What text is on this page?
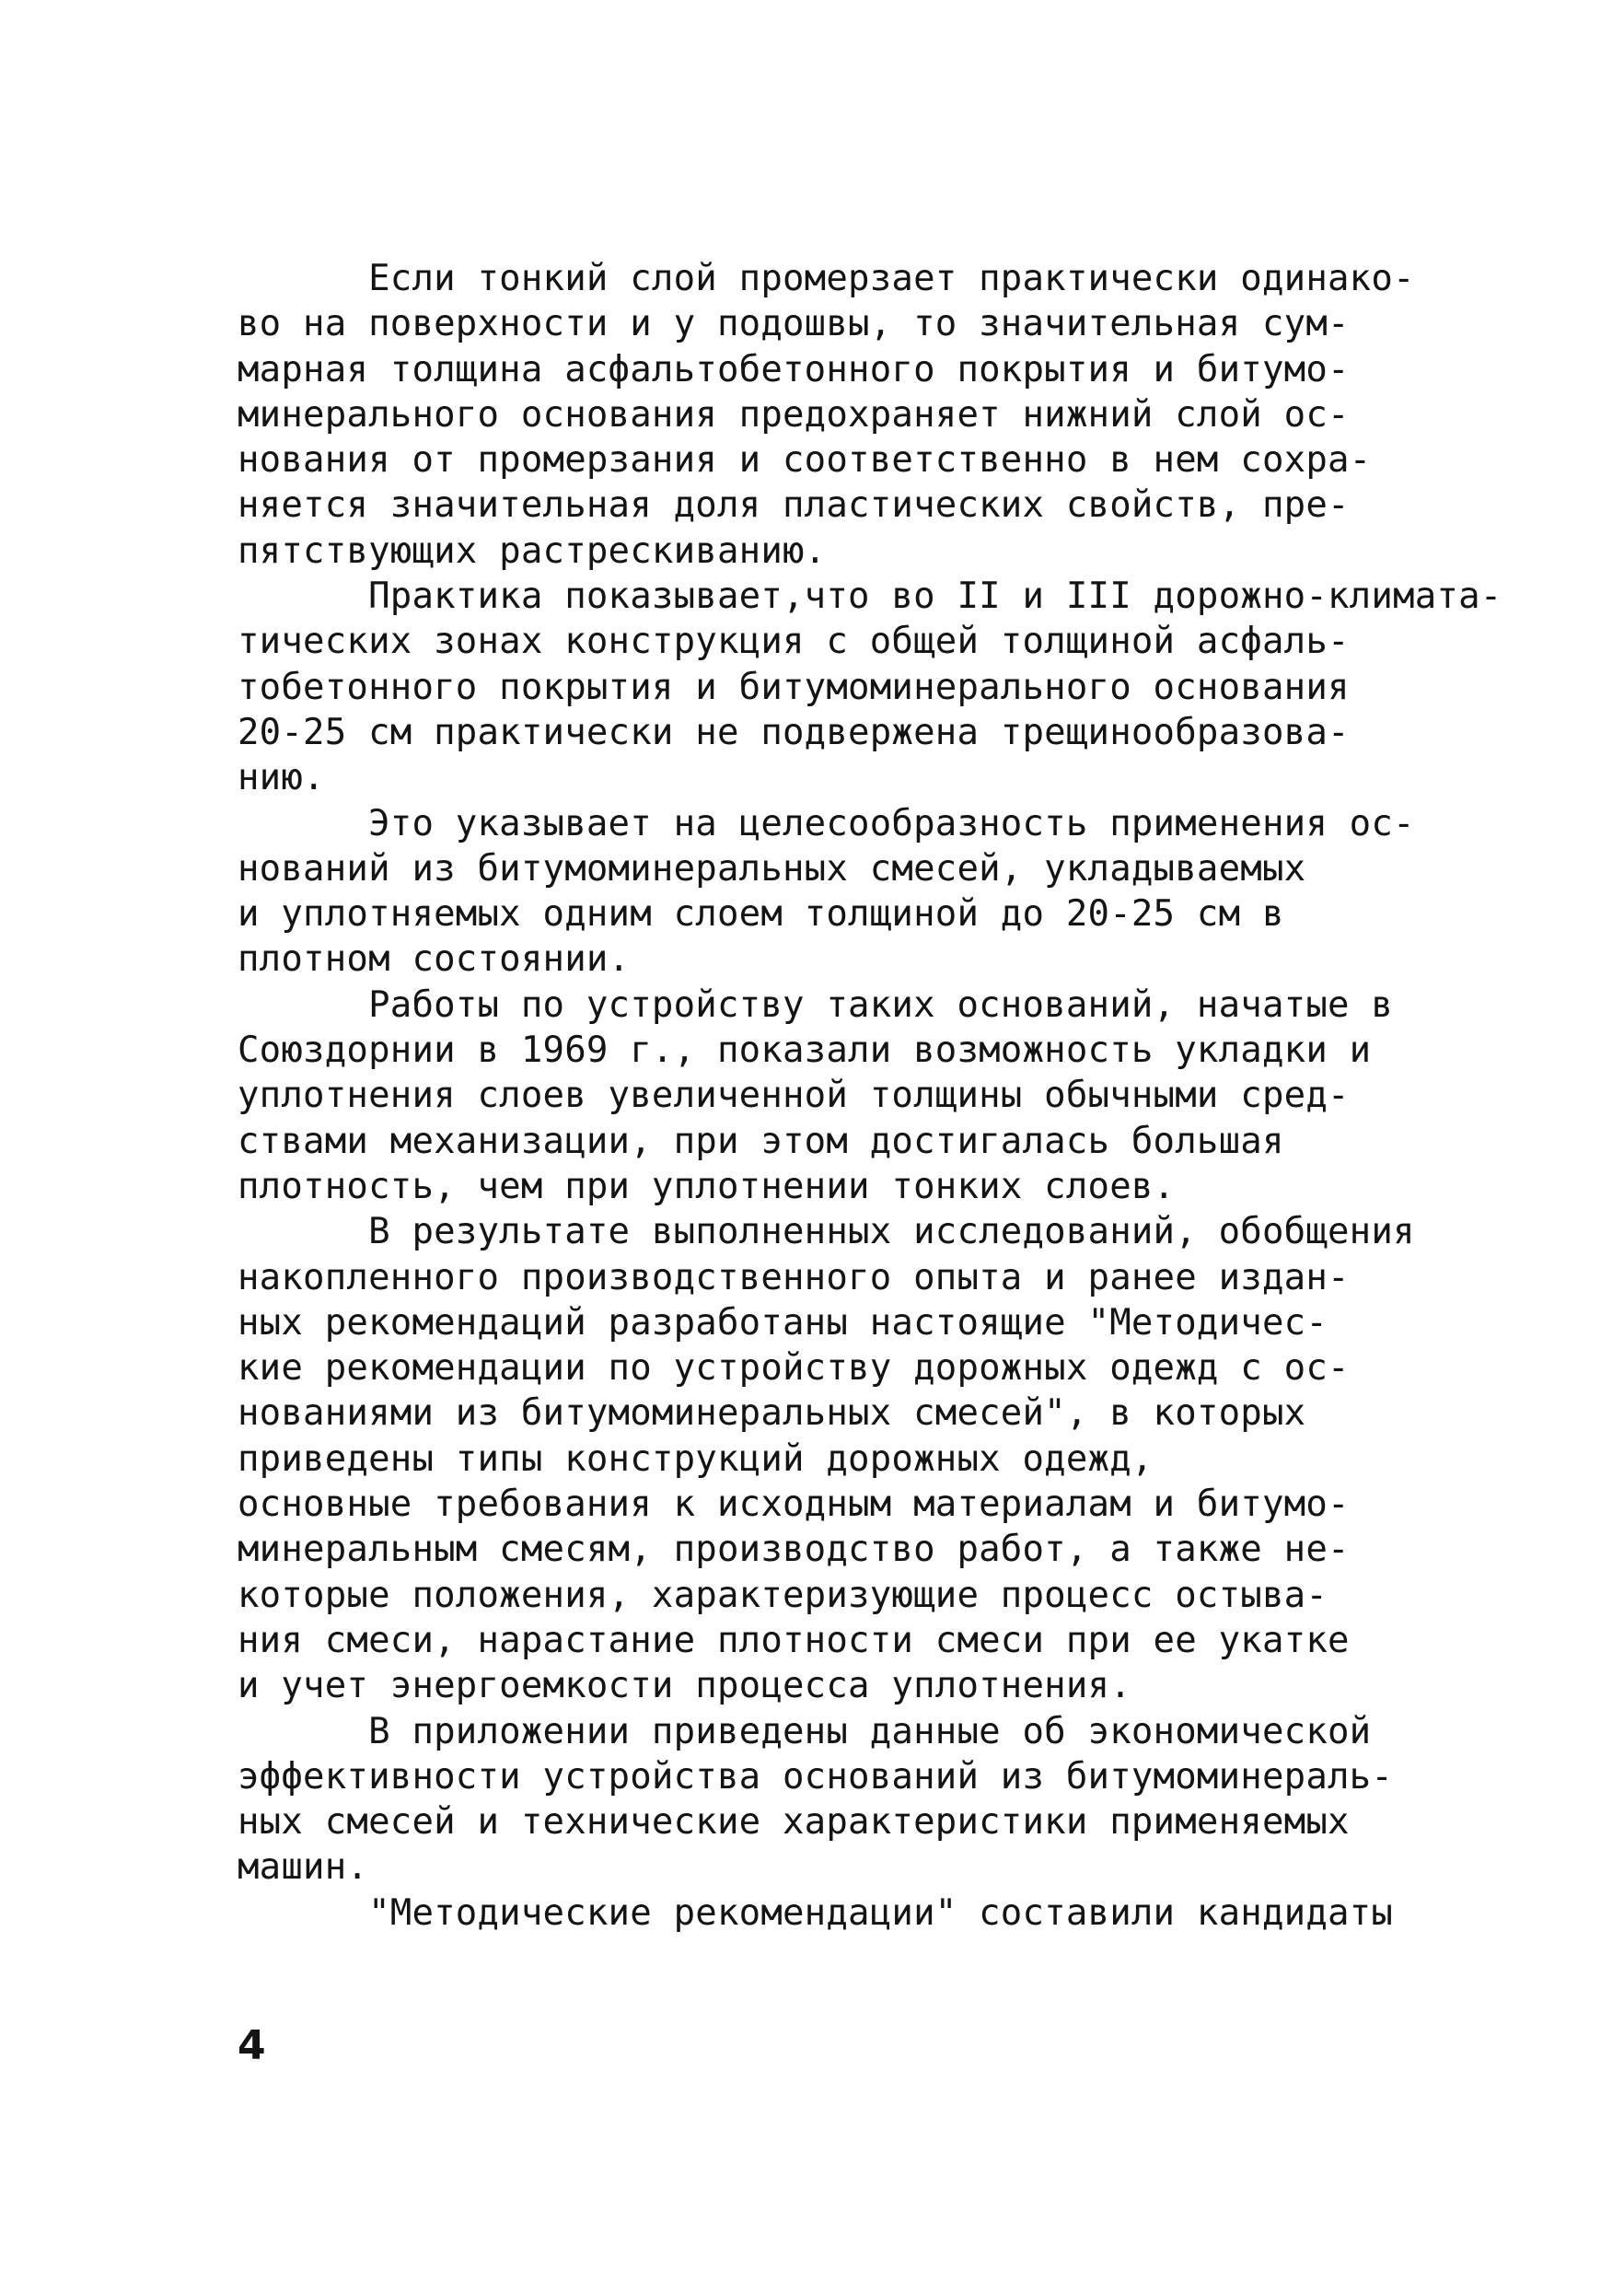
Если тонкий слой промерзает практически одинако-
во на поверхности и у подошвы, то значительная сум-
марная толщина асфальтобетонного покрытия и битумо-
минерального основания предохраняет нижний слой ос-
нования от промерзания и соответственно в нем сохра-
няется значительная доля пластических свойств, пре-
пятствующих растрескиванию.
Практика показывает,что во II и III дорожно-климата-
тических зонах конструкция с общей толщиной асфаль-
тобетонного покрытия и битумоминерального основания
20-25 см практически не подвержена трещинообразова-
нию.
Это указывает на целесообразность применения ос-
нований из битумоминеральных смесей, укладываемых
и уплотняемых одним слоем толщиной до 20-25 см в
плотном состоянии.
Работы по устройству таких оснований, начатые в
Союздорнии в 1969 г., показали возможность укладки и
уплотнения слоев увеличенной толщины обычными сред-
ствами механизации, при этом достигалась большая
плотность, чем при уплотнении тонких слоев.
В результате выполненных исследований, обобщения
накопленного производственного опыта и ранее издан-
ных рекомендаций разработаны настоящие "Методичес-
кие рекомендации по устройству дорожных одежд с ос-
нованиями из битумоминеральных смесей", в которых
приведены типы конструкций дорожных одежд,
основные требования к исходным материалам и битумо-
минеральным смесям, производство работ, а также не-
которые положения, характеризующие процесс остыва-
ния смеси, нарастание плотности смеси при ее укатке
и учет энергоемкости процесса уплотнения.
В приложении приведены данные об экономической
эффективности устройства оснований из битумоминераль-
ных смесей и технические характеристики применяемых
машин.
"Методические рекомендации" составили кандидаты
4
